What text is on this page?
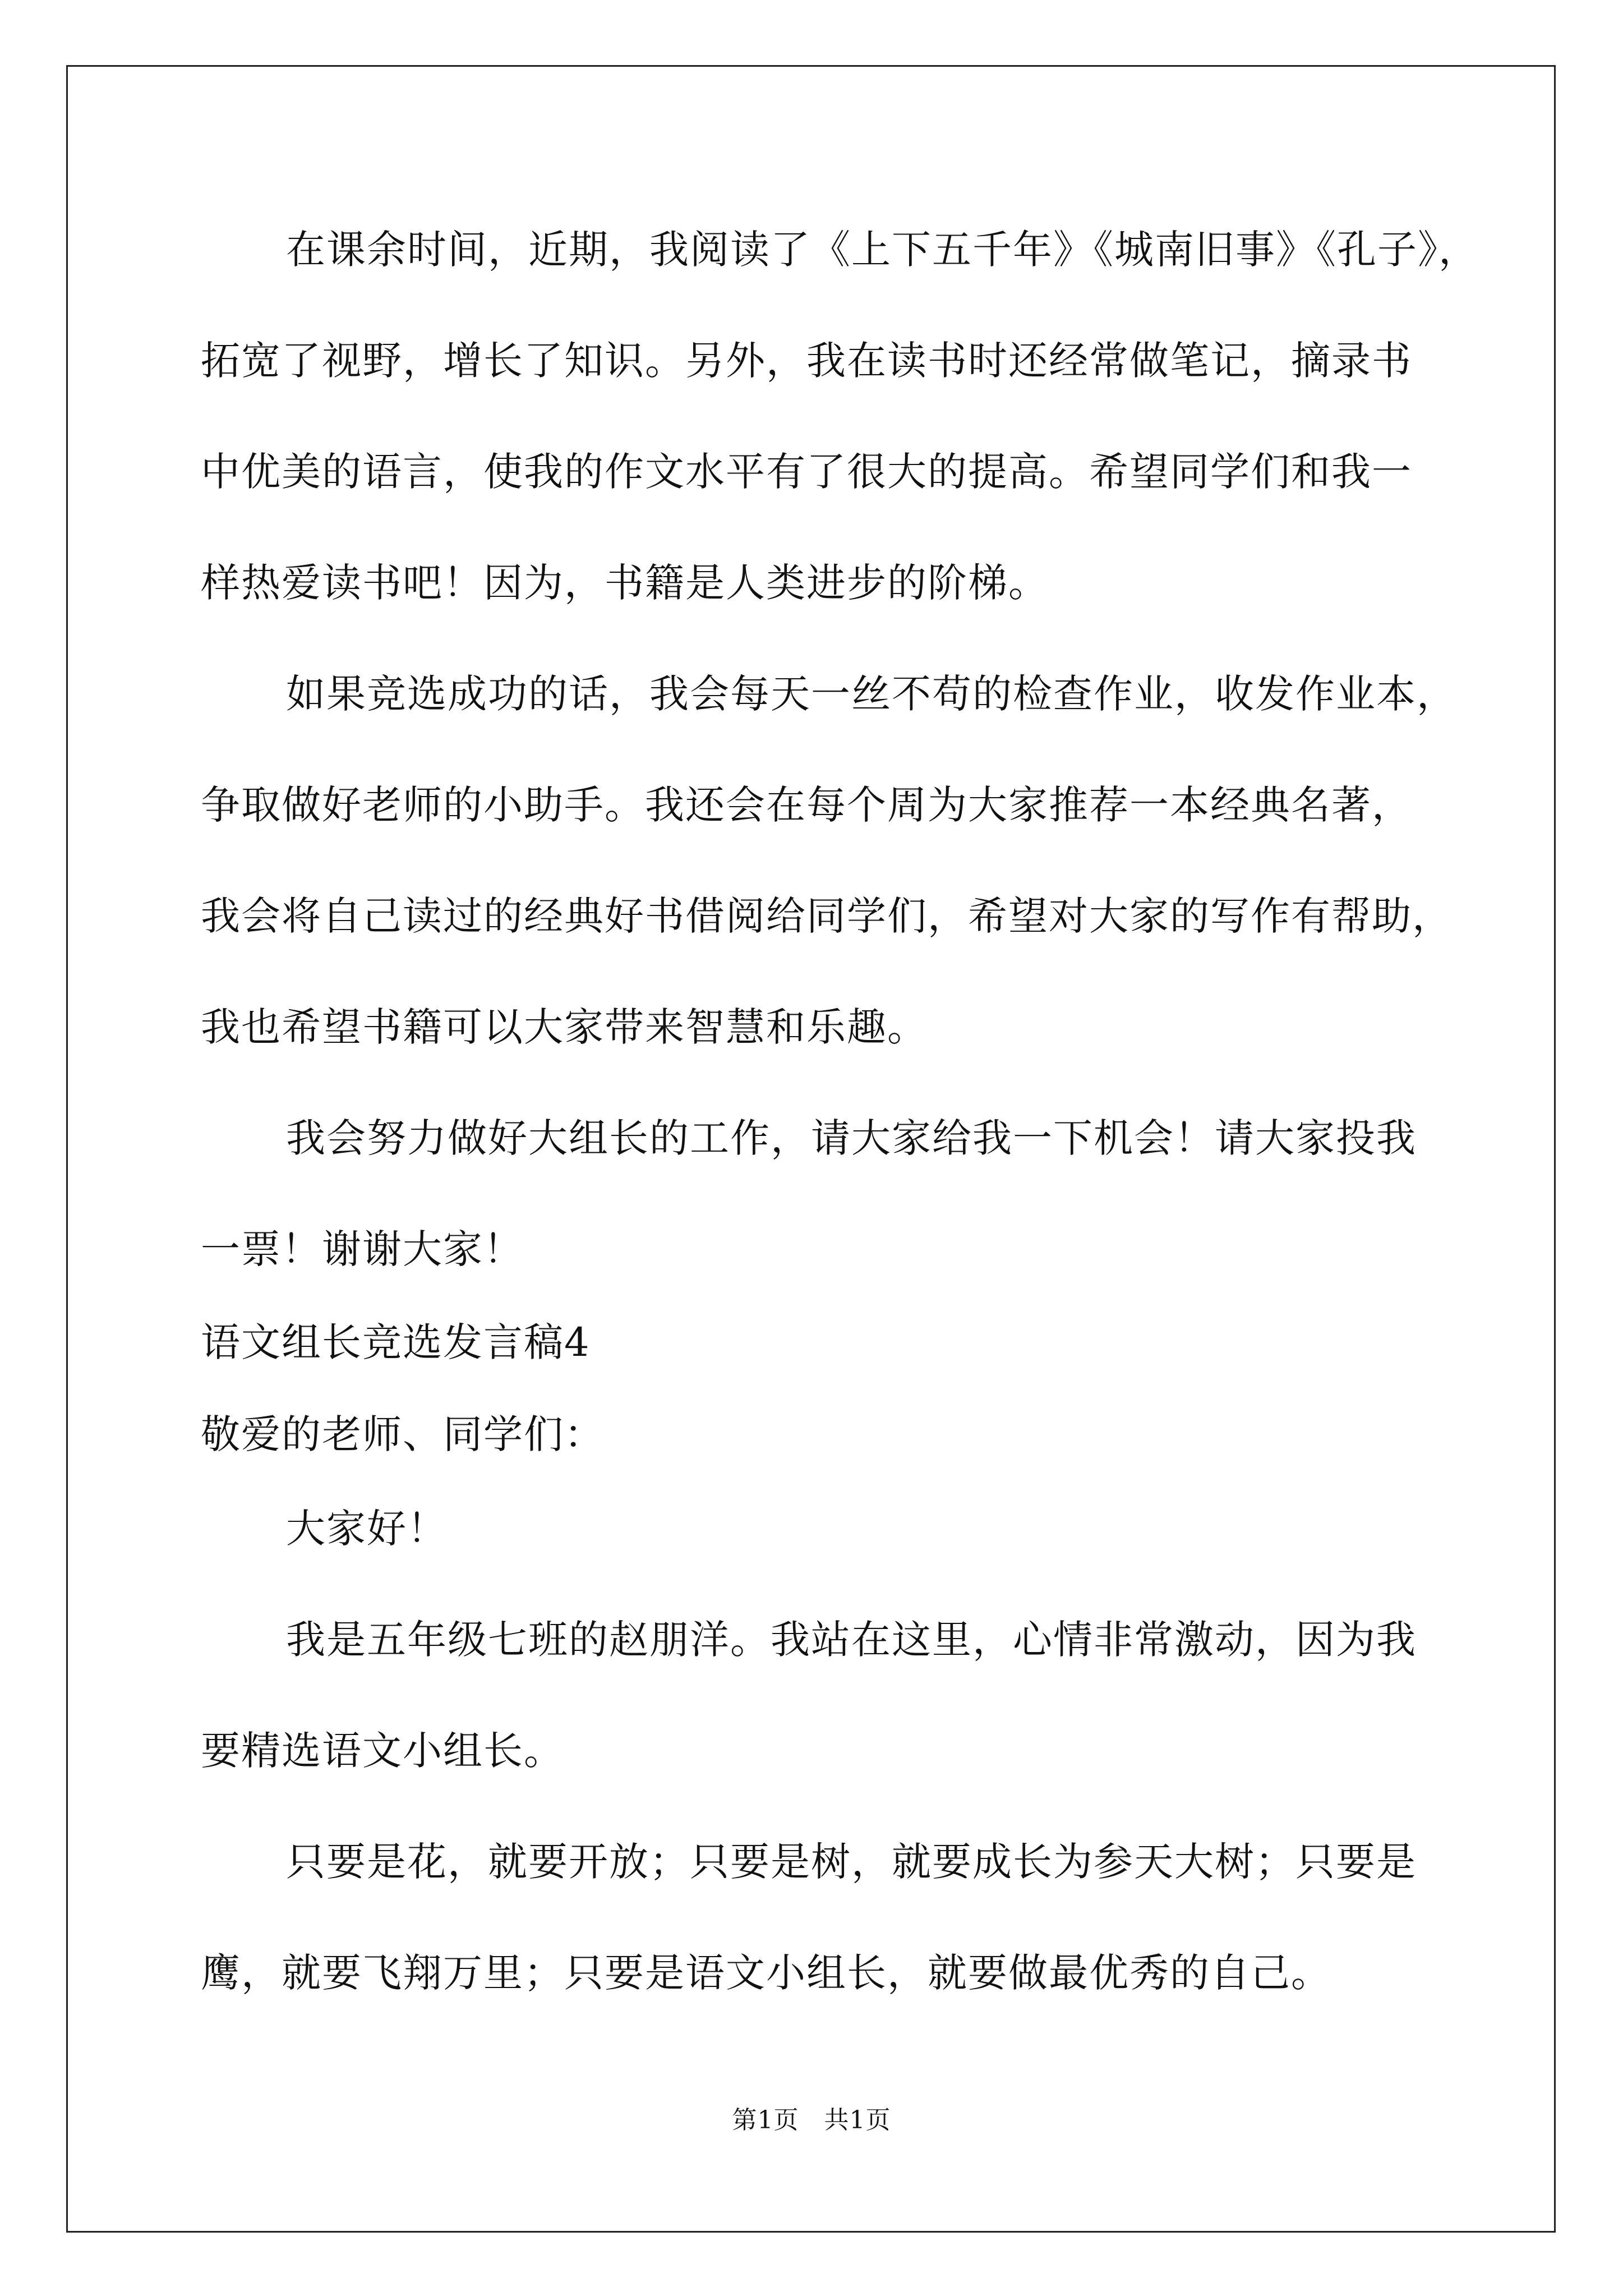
在课余时间，近期，我阅读了《上下五千年》《城南旧事》《孔子》，
拓宽了视野，增长了知识。另外，我在读书时还经常做笔记，摘录书
中优美的语言，使我的作文水平有了很大的提高。希望同学们和我一
样热爱读书吧！因为，书籍是人类进步的阶梯。
如果竞选成功的话，我会每天一丝不苟的检查作业，收发作业本，
争取做好老师的小助手。我还会在每个周为大家推荐一本经典名著，
我会将自己读过的经典好书借阅给同学们，希望对大家的写作有帮助，
我也希望书籍可以大家带来智慧和乐趣。
我会努力做好大组长的工作，请大家给我一下机会！请大家投我
一票！谢谢大家！
语文组长竞选发言稿4
敬爱的老师、同学们：
大家好！
我是五年级七班的赵朋洋。我站在这里，心情非常激动，因为我
要精选语文小组长。
只要是花，就要开放；只要是树，就要成长为参天大树；只要是
鹰，就要飞翔万里；只要是语文小组长，就要做最优秀的自己。
第1页　共1页
